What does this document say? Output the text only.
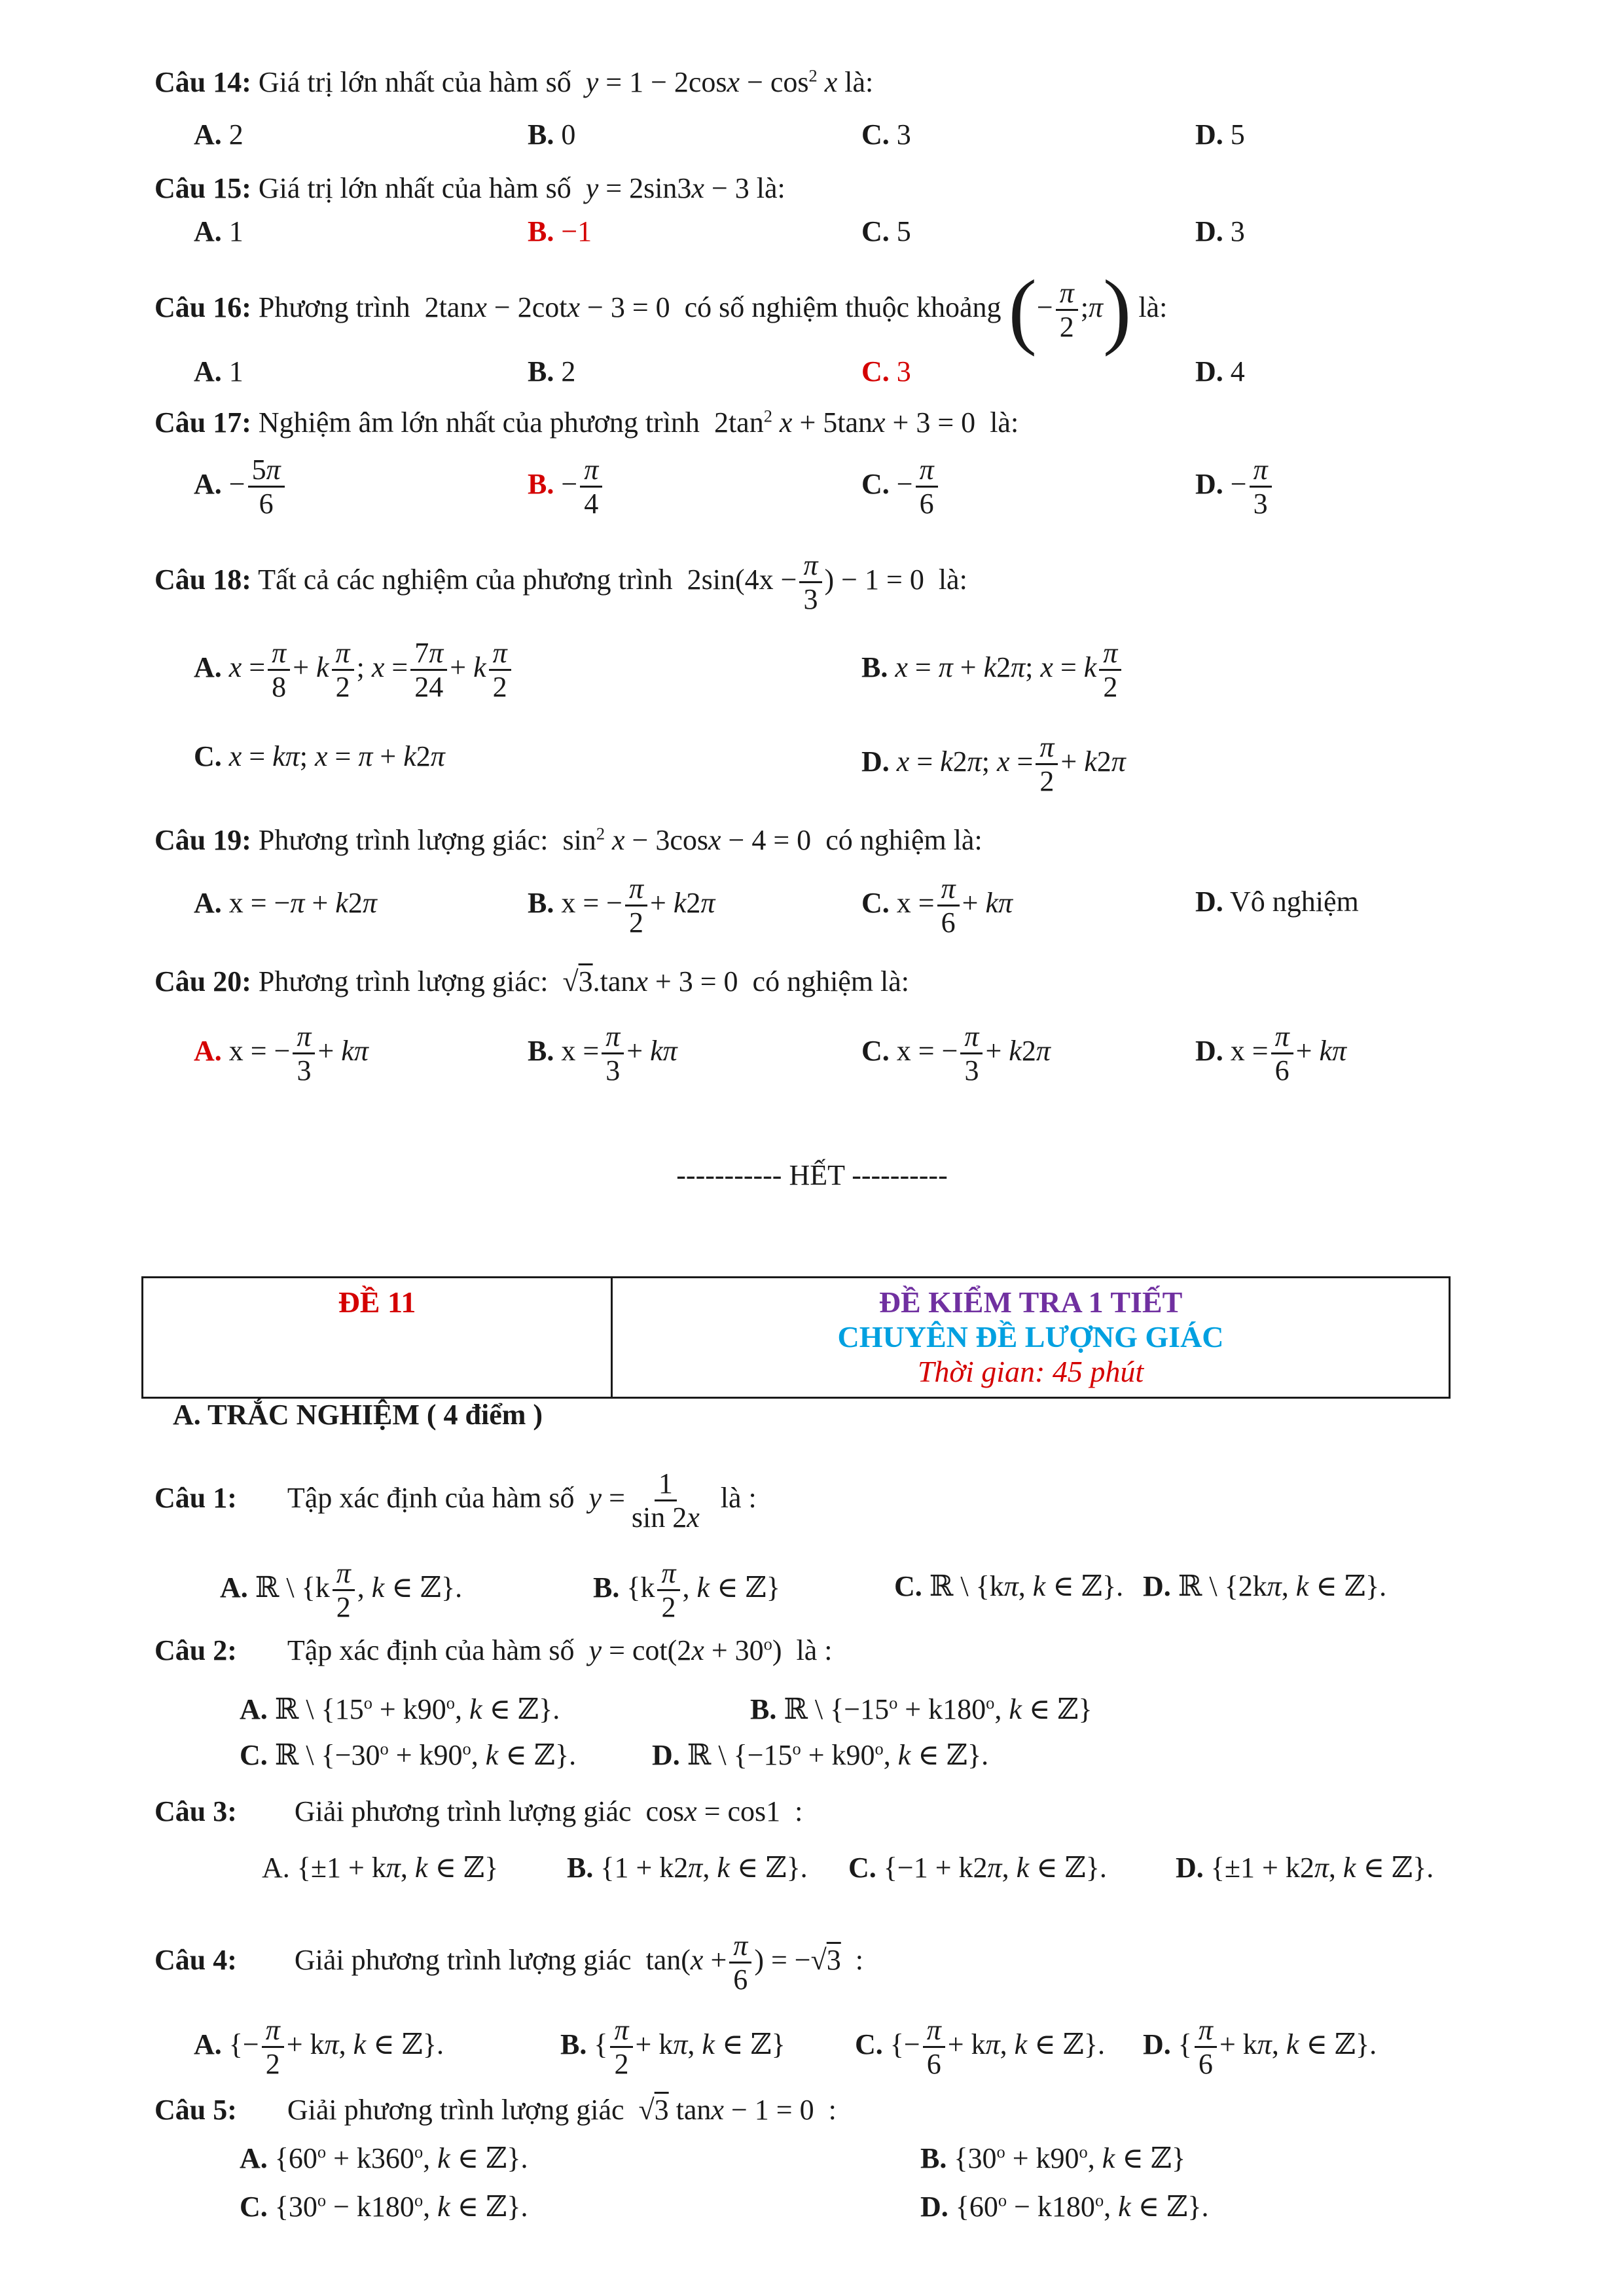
Câu 14: Giá trị lớn nhất của hàm số  $y = 1 - 2\cos x - \cos^2 x$ là:
A. 2	B. 0	C. 3	D. 5
Câu 15: Giá trị lớn nhất của hàm số  y = 2sin3x − 3 là:
A. 1	B. −1	C. 5	D. 3
Câu 16: Phương trình  2tanx − 2cotx − 3 = 0  có số nghiệm thuộc khoảng (− $\frac{\pi}{2}$ ;π) là:
A. 1	B. 2	C. 3	D. 4
Câu 17: Nghiệm âm lớn nhất của phương trình  $2\tan^2$ x + 5tanx + 3 = 0  là:
A. − $\frac{5\pi}{6}$	B. − $\frac{\pi}{4}$	C. − $\frac{\pi}{6}$	D. − $\frac{\pi}{3}$
Câu 18: Tất cả các nghiệm của phương trình  $2\sin(4x - \frac{\pi}{3}$ ) − 1 = 0  là:
A. $x = \frac{\pi}{8} + k \frac{\pi}{2}$ ; $x = \frac{7\pi}{24} + k \frac{\pi}{2}$	B. x = π + k2π; x = k $\frac{\pi}{2}$
C. x = kπ; x = π + k2π	D. x = k2π; $x = \frac{\pi}{2} + k2\pi$
Câu 19: Phương trình lượng giác:  $\sin^2 x - 3\cos x - 4 = 0$  có nghiệm là:
A. x = −π + k2π	B. x = − $\frac{\pi}{2} + k2\pi$	C. $x = \frac{\pi}{6} + k\pi$	D. Vô nghiệm
Câu 20: Phương trình lượng giác:  √3.tanx + 3 = 0  có nghiệm là:
A. x = − $\frac{\pi}{3} + k\pi$	B. $x = \frac{\pi}{3} + k\pi$	C. x = − $\frac{\pi}{3} + k2\pi$	D. $x = \frac{\pi}{6} + k\pi$
----------- HẾT ----------
ĐỀ 11	ĐỀ KIỂM TRA 1 TIẾT
CHUYÊN ĐỀ LƯỢNG GIÁC
Thời gian: 45 phút
A. TRẮC NGHIỆM ( 4 điểm )
Câu 1: Tập xác định của hàm số  $y = \frac{1}{\sin 2x}$ là :
A. ℝ \ {$k \frac{\pi}{2}$ , k ∈ ℤ}.	B. {$k \frac{\pi}{2}$ , k ∈ ℤ}	C. ℝ \ {kπ, k ∈ ℤ}. D. ℝ \ {2kπ, k ∈ ℤ}.
Câu 2: Tập xác định của hàm số  $y = \cot(2x + 30^o)$  là :
A. ℝ \ {$15^o + k90^o$, k ∈ ℤ}.	B. ℝ \ {$-15^o + k180^o$, k ∈ ℤ}
C. ℝ \ {$-30^o + k90^o$, k ∈ ℤ}.	D. ℝ \ {$-15^o + k90^o$, k ∈ ℤ}.
Câu 3: Giải phương trình lượng giác  cosx = cos1  :
A. {±1 + kπ, k ∈ ℤ} B. {1 + k2π, k ∈ ℤ}. C. {−1 + k2π, k ∈ ℤ}. D. {±1 + k2π, k ∈ ℤ}.
Câu 4: Giải phương trình lượng giác  $\tan(x + \frac{\pi}{6}$ ) = −√3 :
A. {− $\frac{\pi}{2} + k\pi$, k ∈ ℤ}.	B. { $\frac{\pi}{2} + k\pi$, k ∈ ℤ} C. {− $\frac{\pi}{6} + k\pi$, k ∈ ℤ}. D. { $\frac{\pi}{6} + k\pi$, k ∈ ℤ}.
Câu 5: Giải phương trình lượng giác  √3 tanx − 1 = 0  :
A. {$60^o + k360^o$, k ∈ ℤ}.	B. {$30^o + k90^o$, k ∈ ℤ}
C. {$30^o - k180^o$, k ∈ ℤ}.	D. {$60^o - k180^o$, k ∈ ℤ}.
